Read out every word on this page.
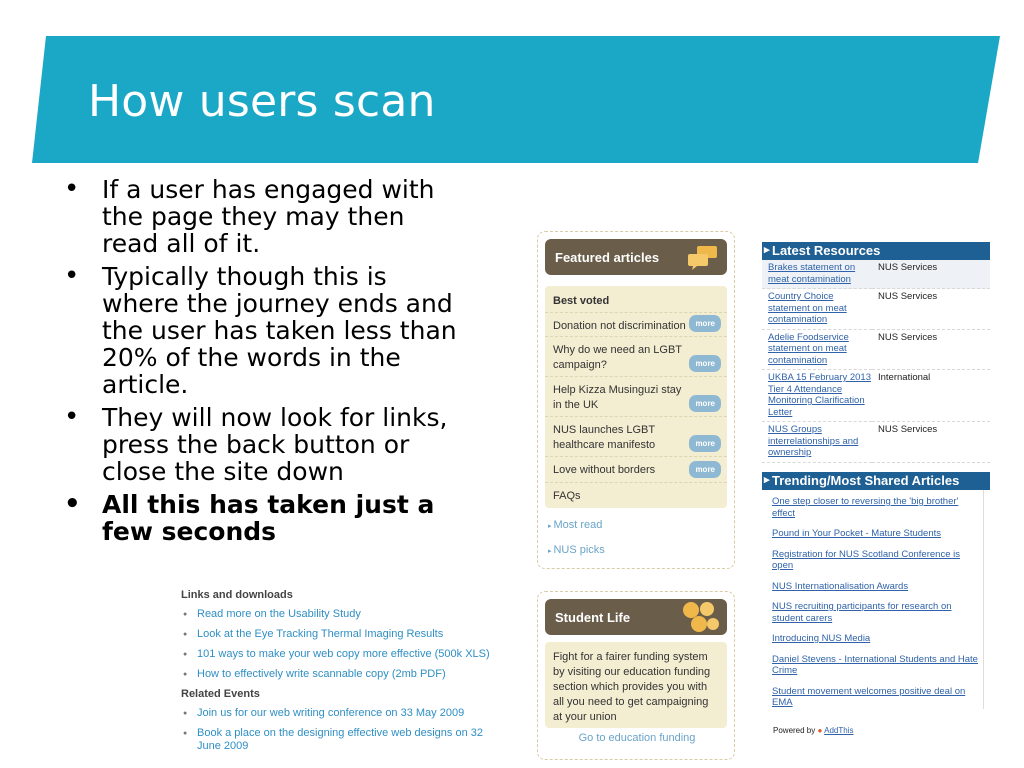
How users scan
• If a user has engaged with the page they may then read all of it.
• Typically though this is where the journey ends and the user has taken less than 20% of the words in the article.
• They will now look for links, press the back button or close the site down
• All this has taken just a few seconds
Links and downloads
● Read more on the Usability Study
● Look at the Eye Tracking Thermal Imaging Results
● 101 ways to make your web copy more effective (500k XLS)
● How to effectively write scannable copy (2mb PDF)
Related Events
● Join us for our web writing conference on 33 May 2009
● Book a place on the designing effective web designs on 32 June 2009
Featured articles
Best voted
Donation not discrimination	more
Why do we need an LGBT campaign?	more
Help Kizza Musinguzi stay in the UK	more
NUS launches LGBT healthcare manifesto	more
Love without borders	more
FAQs
▸ Most read
▸ NUS picks
Student Life
Fight for a fairer funding system by visiting our education funding section which provides you with all you need to get campaigning at your union
Go to education funding
▸ Latest Resources
Brakes statement on meat contamination	NUS Services
Country Choice statement on meat contamination	NUS Services
Adelie Foodservice statement on meat contamination	NUS Services
UKBA 15 February 2013 Tier 4 Attendance Monitoring Clarification Letter	International
NUS Groups interrelationships and ownership	NUS Services
▸ Trending/Most Shared Articles
One step closer to reversing the 'big brother' effect
Pound in Your Pocket - Mature Students
Registration for NUS Scotland Conference is open
NUS Internationalisation Awards
NUS recruiting participants for research on student carers
Introducing NUS Media
Daniel Stevens - International Students and Hate Crime
Student movement welcomes positive deal on EMA
Powered by ● AddThis
